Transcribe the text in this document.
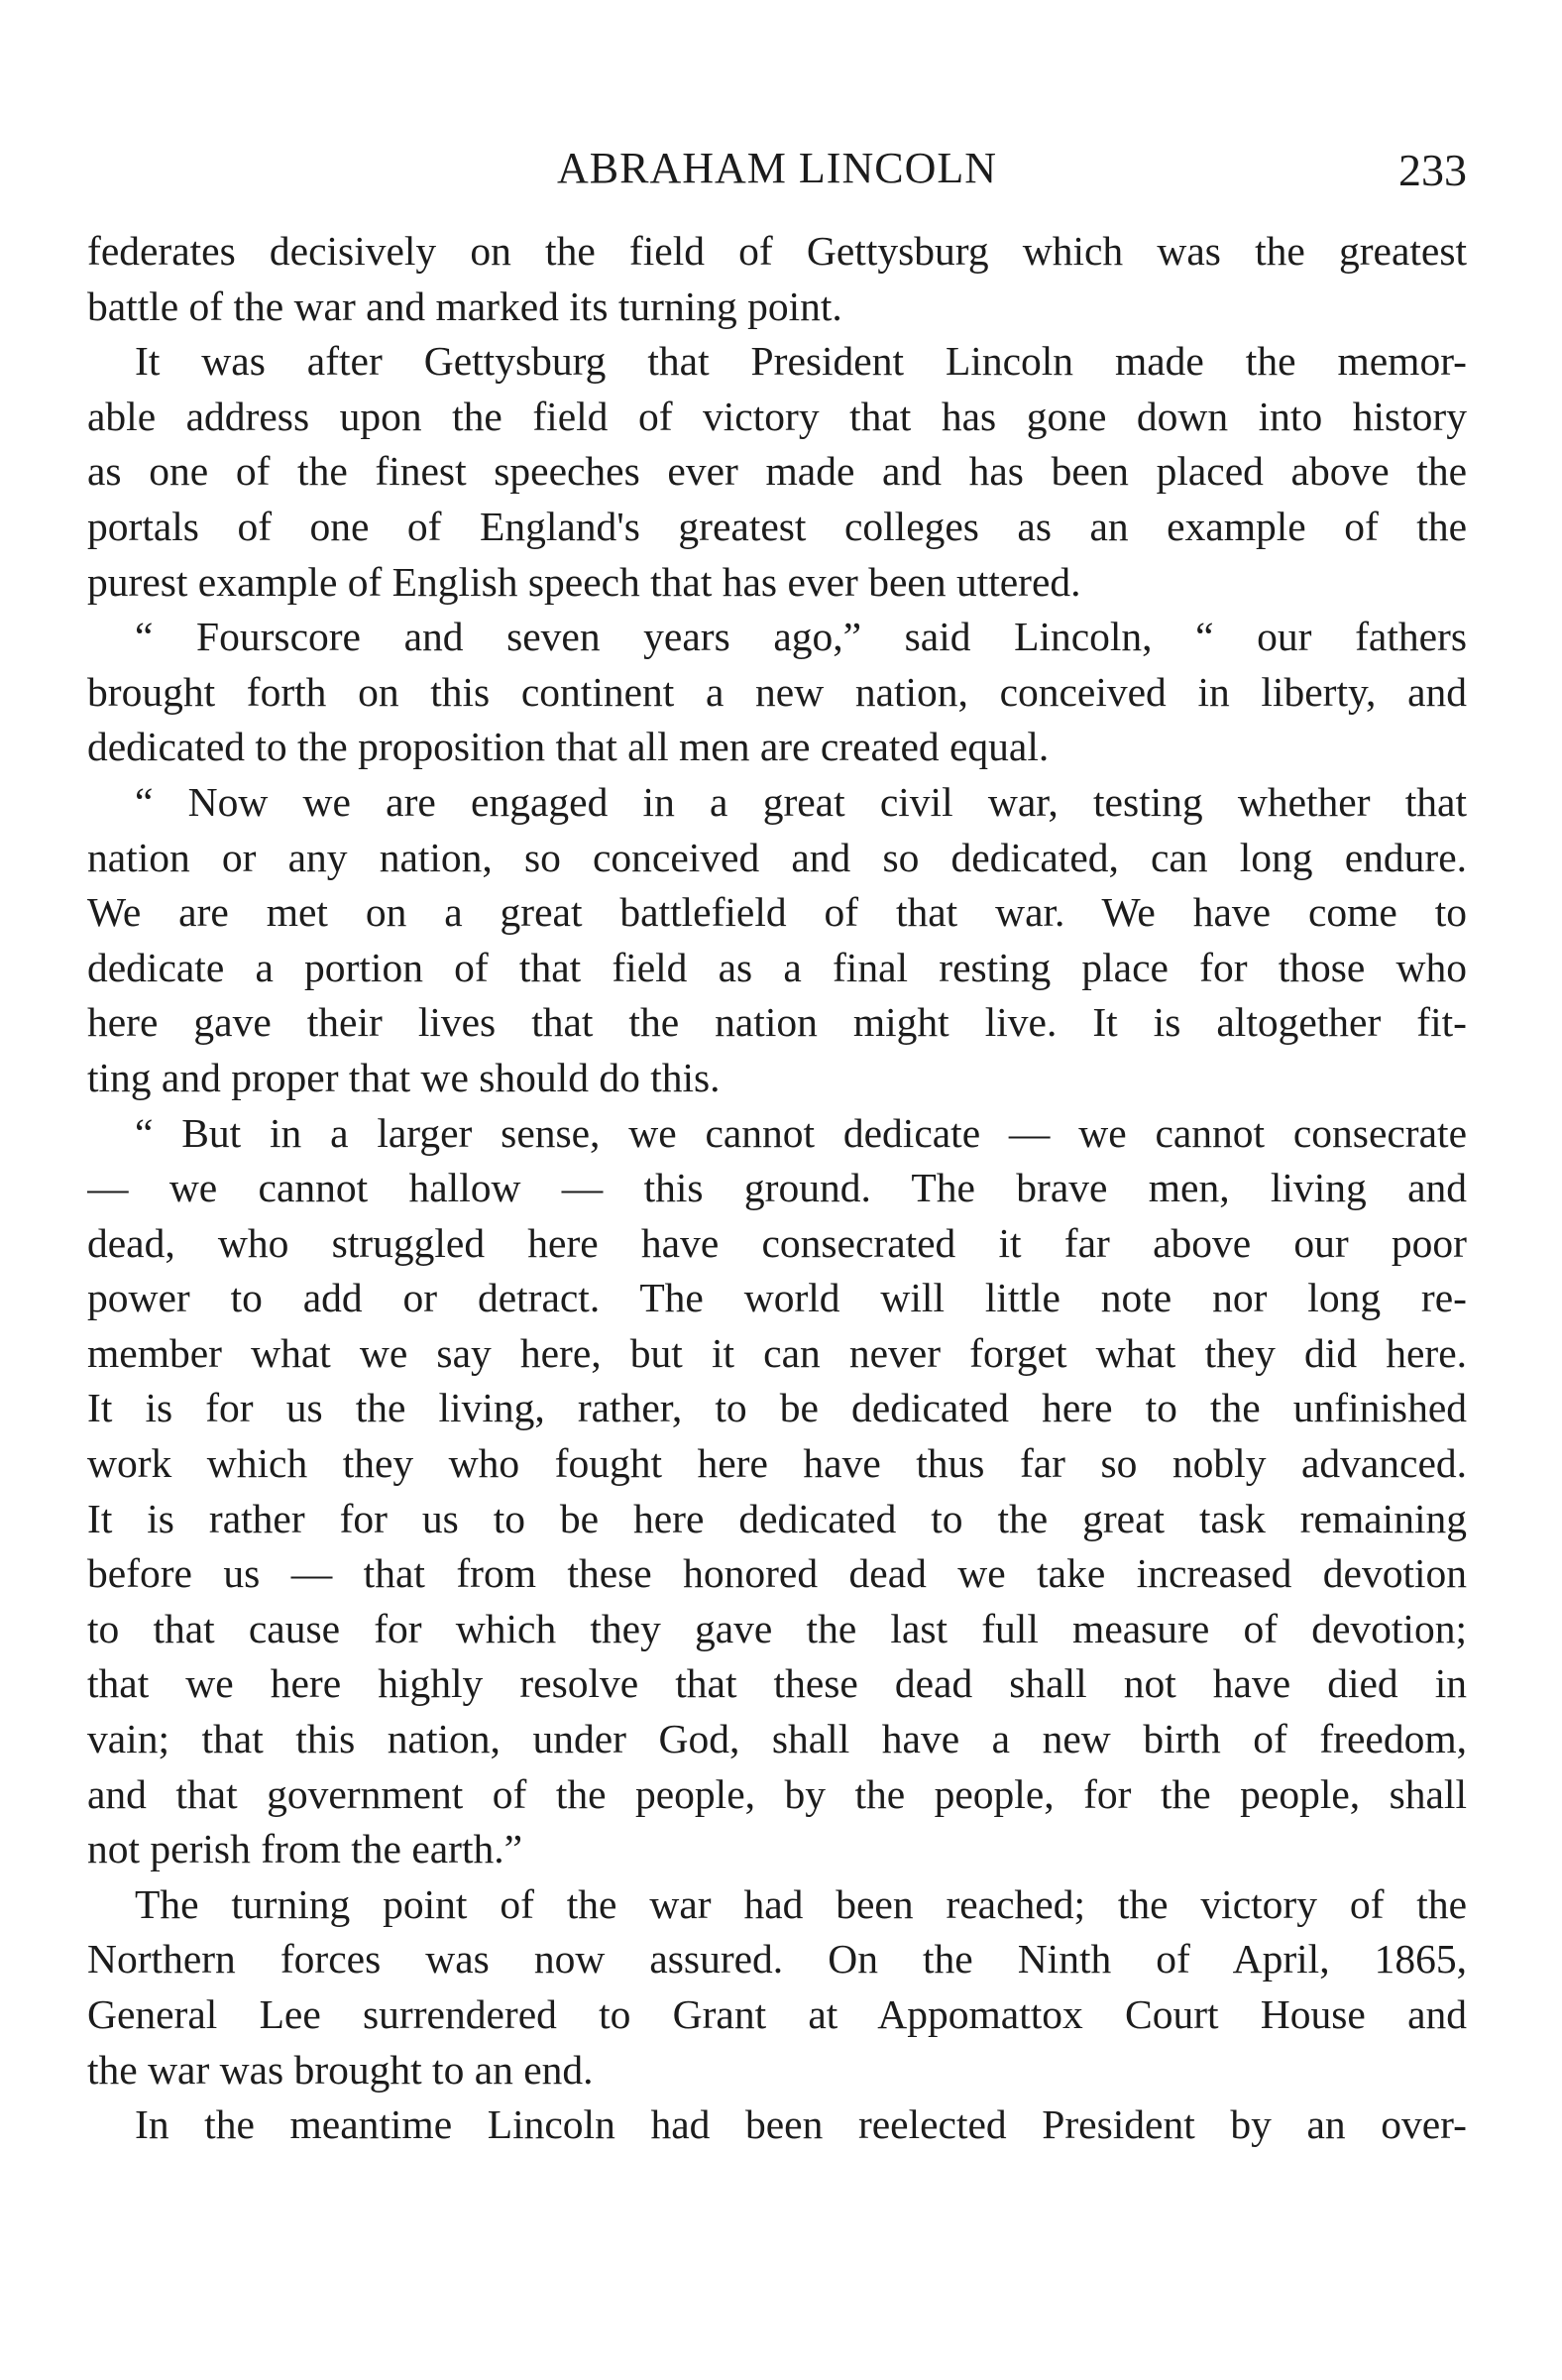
ABRAHAM LINCOLN	233
federates decisively on the field of Gettysburg which was the greatest
battle of the war and marked its turning point.
It was after Gettysburg that President Lincoln made the memor-
able address upon the field of victory that has gone down into history
as one of the finest speeches ever made and has been placed above the
portals of one of England's greatest colleges as an example of the
purest example of English speech that has ever been uttered.
“ Fourscore and seven years ago,” said Lincoln, “ our fathers
brought forth on this continent a new nation, conceived in liberty, and
dedicated to the proposition that all men are created equal.
“ Now we are engaged in a great civil war, testing whether that
nation or any nation, so conceived and so dedicated, can long endure.
We are met on a great battlefield of that war. We have come to
dedicate a portion of that field as a final resting place for those who
here gave their lives that the nation might live. It is altogether fit-
ting and proper that we should do this.
“ But in a larger sense, we cannot dedicate — we cannot consecrate
— we cannot hallow — this ground. The brave men, living and
dead, who struggled here have consecrated it far above our poor
power to add or detract. The world will little note nor long re-
member what we say here, but it can never forget what they did here.
It is for us the living, rather, to be dedicated here to the unfinished
work which they who fought here have thus far so nobly advanced.
It is rather for us to be here dedicated to the great task remaining
before us — that from these honored dead we take increased devotion
to that cause for which they gave the last full measure of devotion;
that we here highly resolve that these dead shall not have died in
vain; that this nation, under God, shall have a new birth of freedom,
and that government of the people, by the people, for the people, shall
not perish from the earth.”
The turning point of the war had been reached; the victory of the
Northern forces was now assured. On the Ninth of April, 1865,
General Lee surrendered to Grant at Appomattox Court House and
the war was brought to an end.
In the meantime Lincoln had been reelected President by an over-
